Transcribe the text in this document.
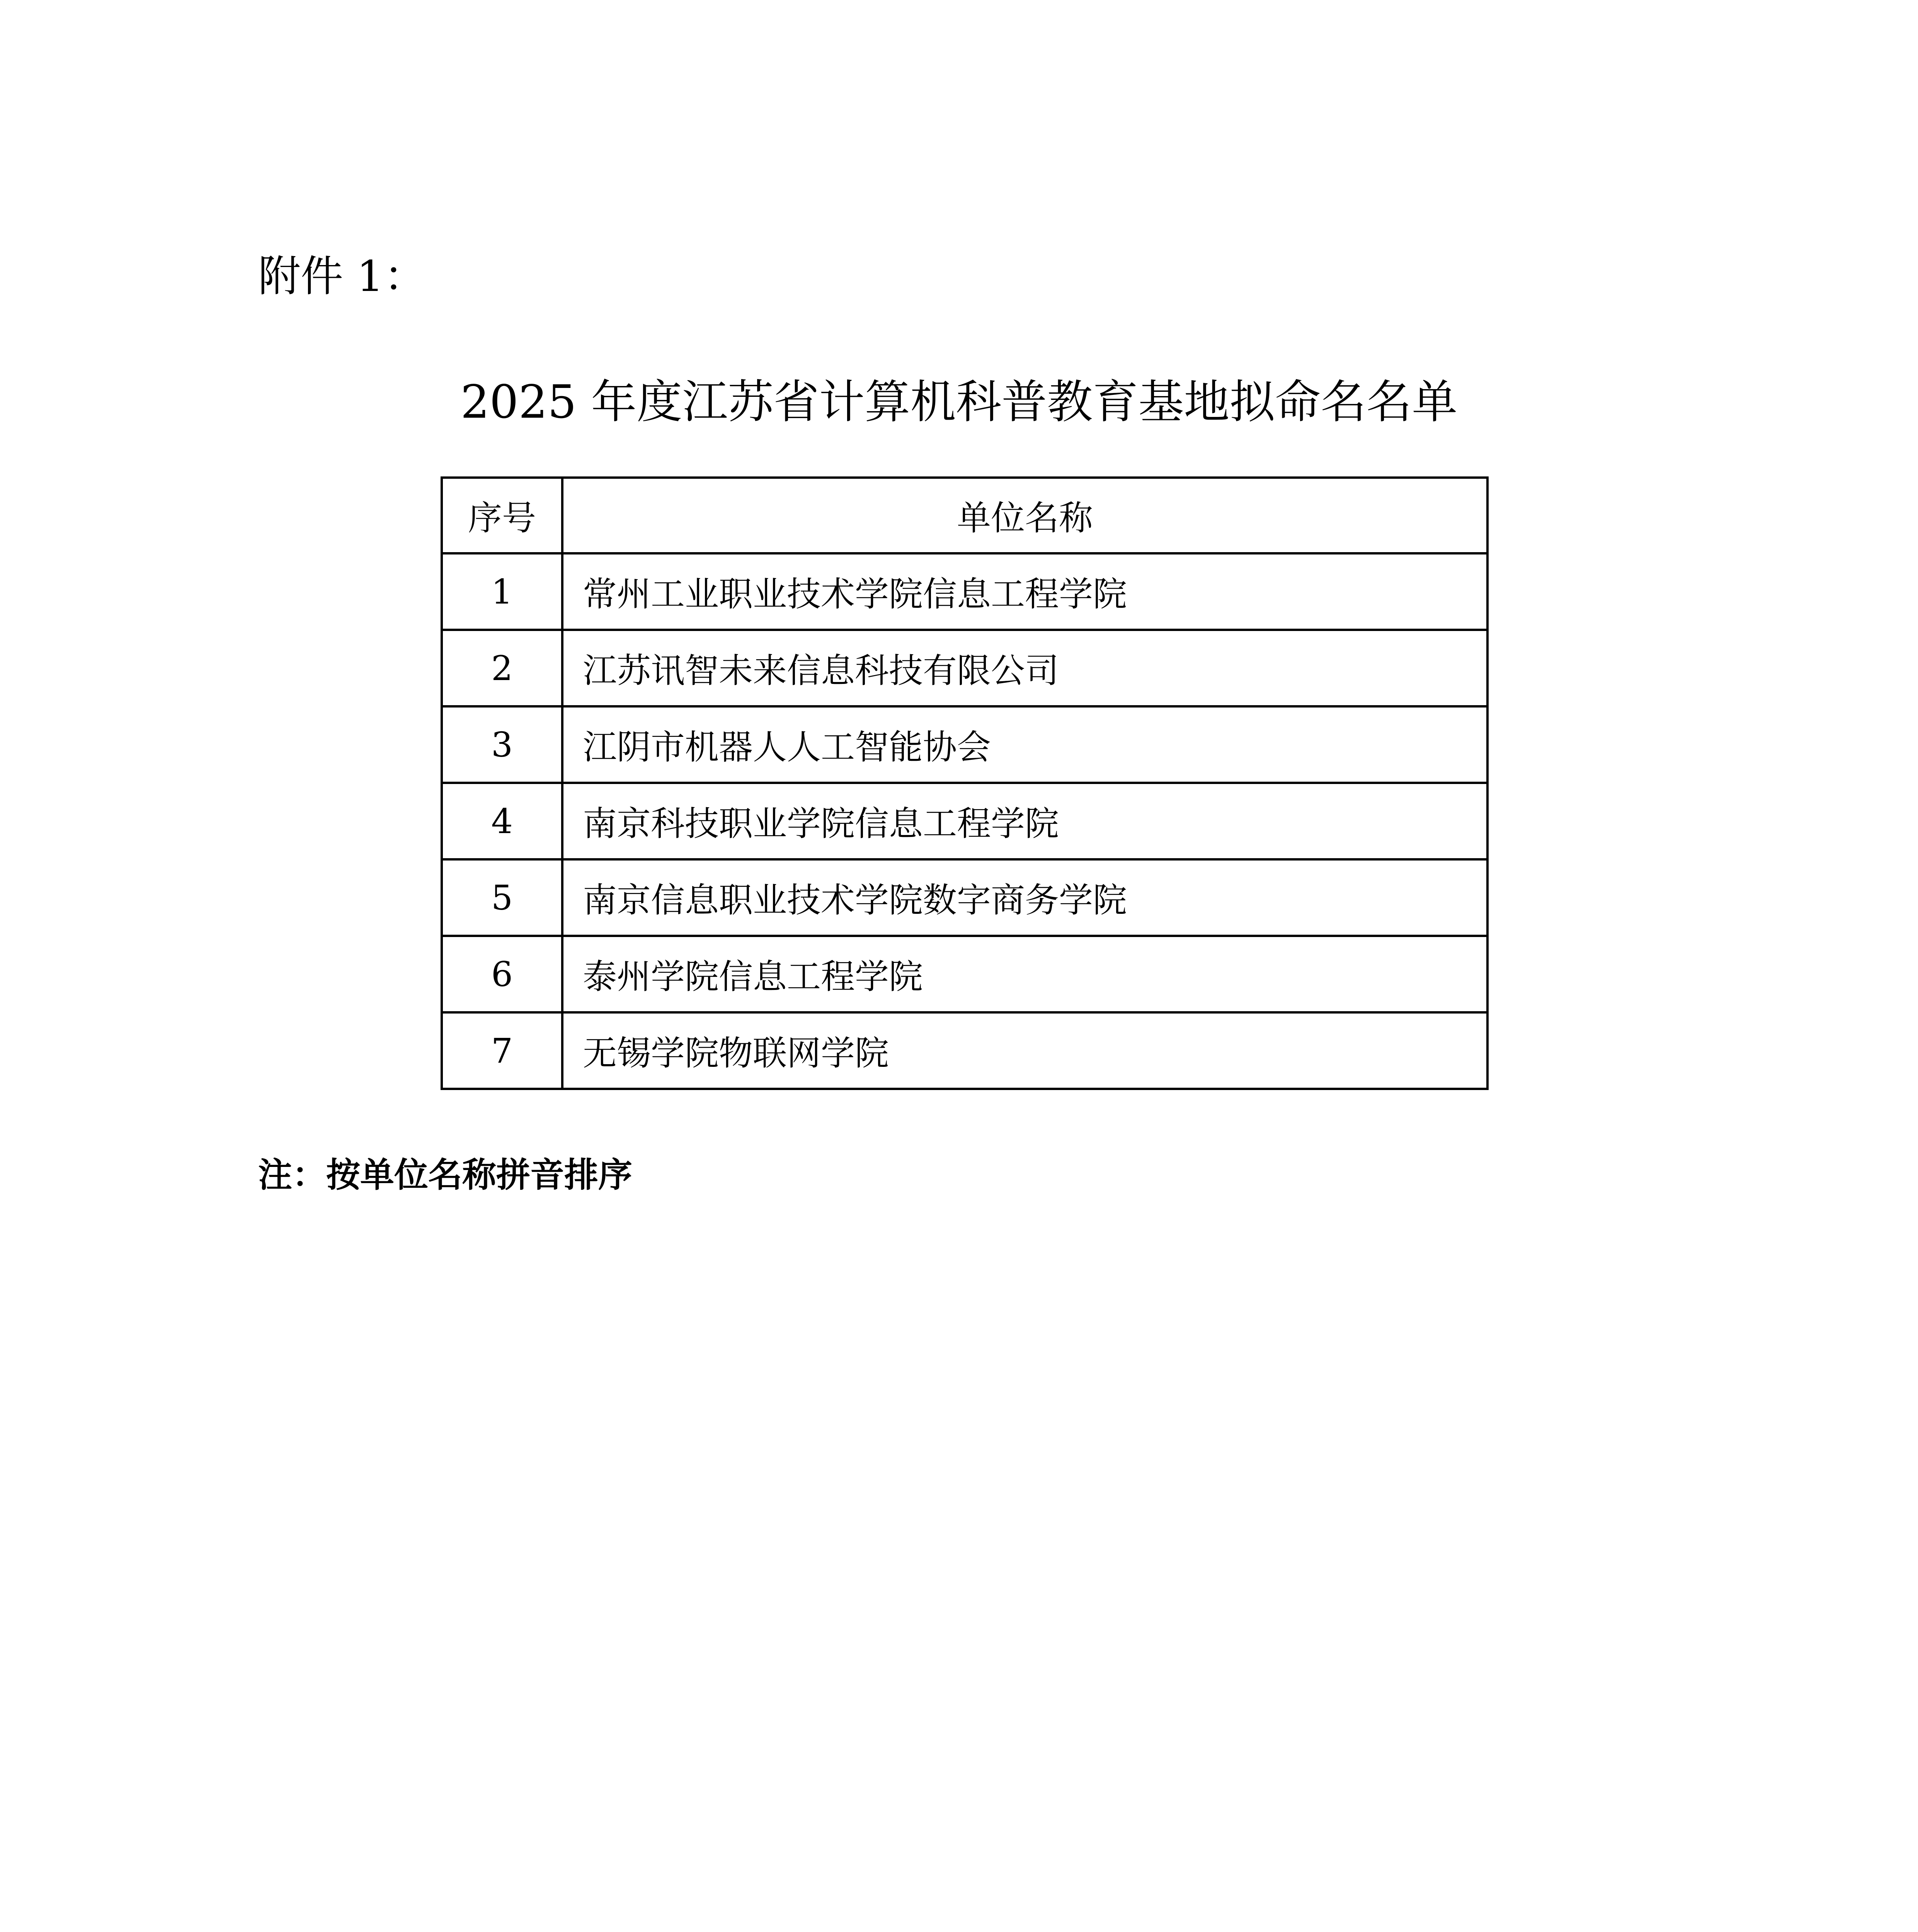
附件 1：
2025 年度江苏省计算机科普教育基地拟命名名单
序号	单位名称
1	常州工业职业技术学院信息工程学院
2	江苏讯智未来信息科技有限公司
3	江阴市机器人人工智能协会
4	南京科技职业学院信息工程学院
5	南京信息职业技术学院数字商务学院
6	泰州学院信息工程学院
7	无锡学院物联网学院
注：按单位名称拼音排序
